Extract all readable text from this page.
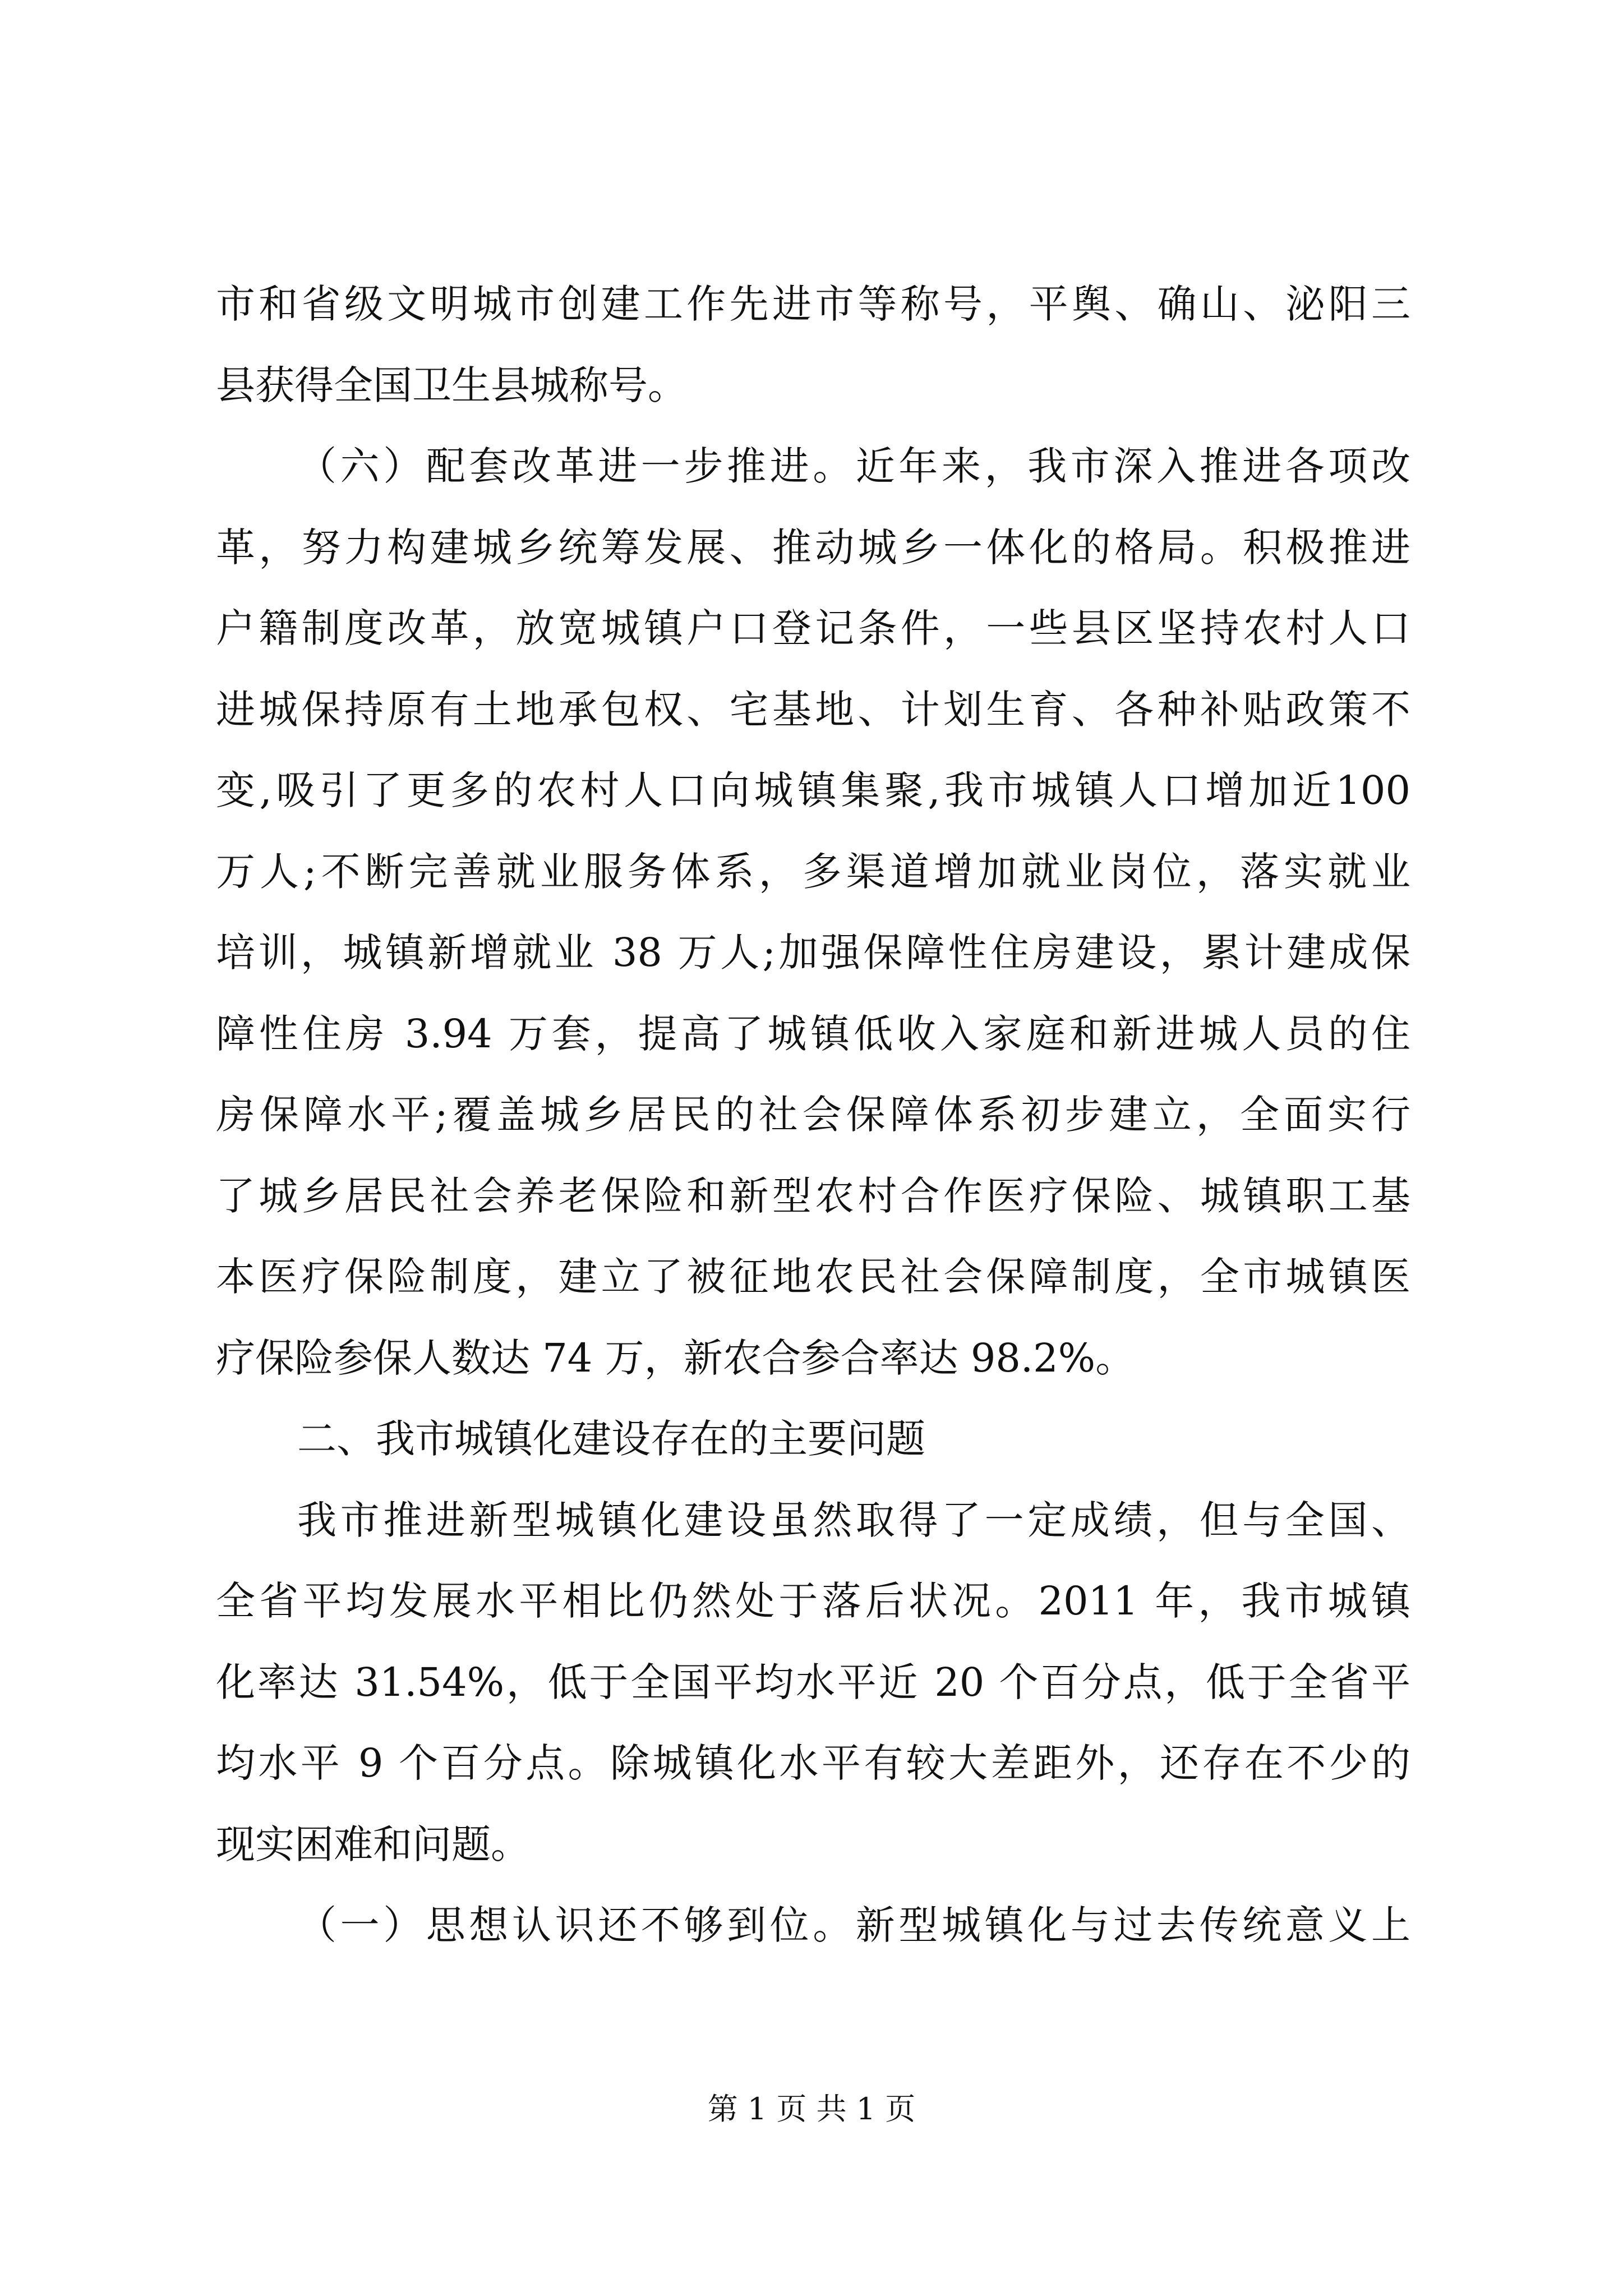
市和省级文明城市创建工作先进市等称号，平舆、确山、泌阳三
县获得全国卫生县城称号。
（六）配套改革进一步推进。近年来，我市深入推进各项改
革，努力构建城乡统筹发展、推动城乡一体化的格局。积极推进
户籍制度改革，放宽城镇户口登记条件，一些县区坚持农村人口
进城保持原有土地承包权、宅基地、计划生育、各种补贴政策不
变,吸引了更多的农村人口向城镇集聚,我市城镇人口增加近100
万人;不断完善就业服务体系，多渠道增加就业岗位，落实就业
培训，城镇新增就业 38 万人;加强保障性住房建设，累计建成保
障性住房 3.94 万套，提高了城镇低收入家庭和新进城人员的住
房保障水平;覆盖城乡居民的社会保障体系初步建立，全面实行
了城乡居民社会养老保险和新型农村合作医疗保险、城镇职工基
本医疗保险制度，建立了被征地农民社会保障制度，全市城镇医
疗保险参保人数达 74 万，新农合参合率达 98.2%。
二、我市城镇化建设存在的主要问题
我市推进新型城镇化建设虽然取得了一定成绩，但与全国、
全省平均发展水平相比仍然处于落后状况。2011 年，我市城镇
化率达 31.54%，低于全国平均水平近 20 个百分点，低于全省平
均水平 9 个百分点。除城镇化水平有较大差距外，还存在不少的
现实困难和问题。
（一）思想认识还不够到位。新型城镇化与过去传统意义上
第 1 页 共 1 页
